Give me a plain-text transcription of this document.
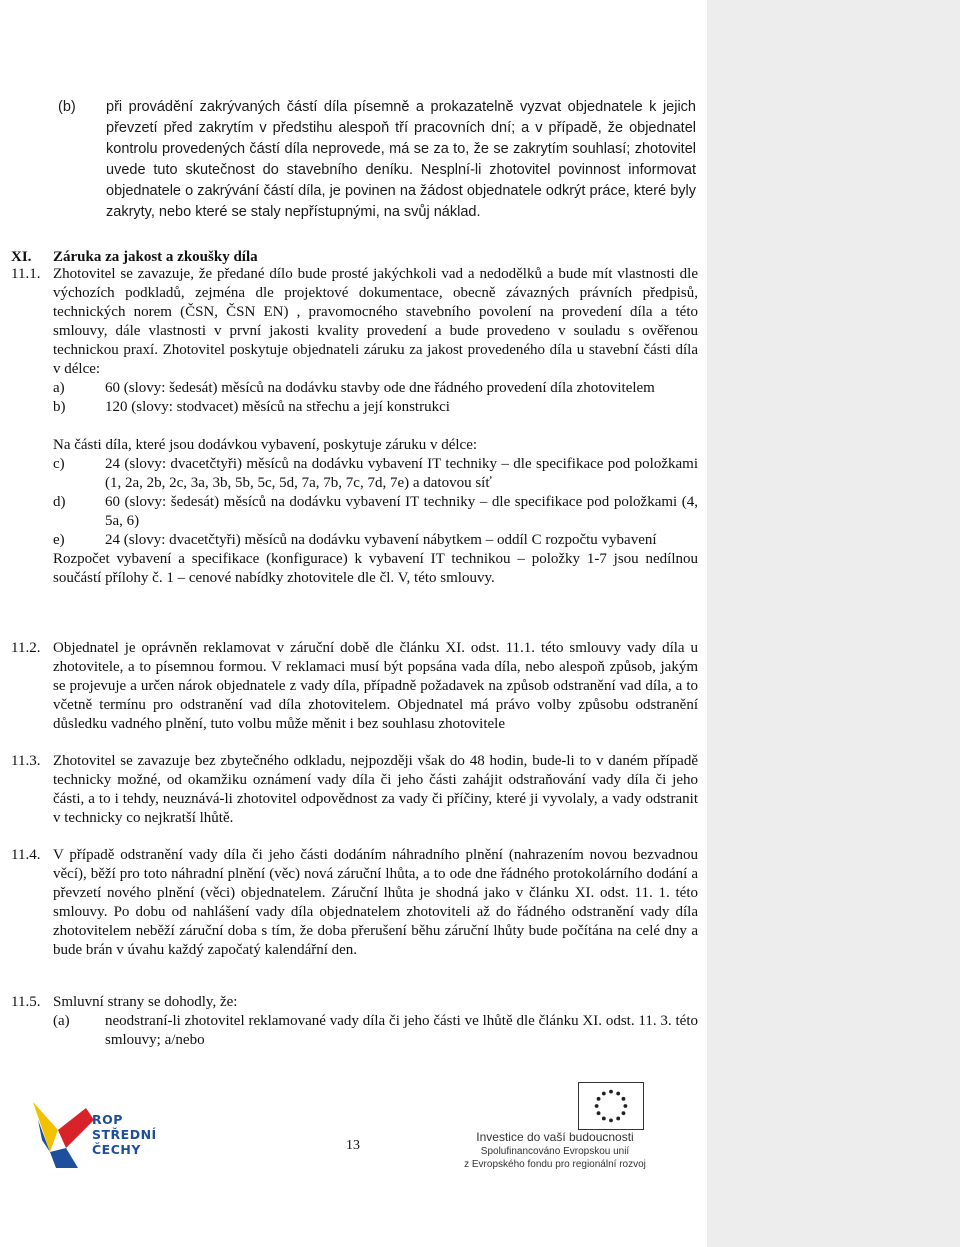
(b) při provádění zakrývaných částí díla písemně a prokazatelně vyzvat objednatele k jejich převzetí před zakrytím v předstihu alespoň tří pracovních dní; a v případě, že objednatel kontrolu provedených částí díla neprovede, má se za to, že se zakrytím souhlasí; zhotovitel uvede tuto skutečnost do stavebního deníku. Nesplní-li zhotovitel povinnost informovat objednatele o zakrývání částí díla, je povinen na žádost objednatele odkrýt práce, které byly zakryty, nebo které se staly nepřístupnými, na svůj náklad.
XI. Záruka za jakost a zkoušky díla
11.1. Zhotovitel se zavazuje, že předané dílo bude prosté jakýchkoli vad a nedodělků a bude mít vlastnosti dle výchozích podkladů, zejména dle projektové dokumentace, obecně závazných právních předpisů, technických norem (ČSN, ČSN EN) , pravomocného stavebního povolení na provedení díla a této smlouvy, dále vlastnosti v první jakosti kvality provedení a bude provedeno v souladu s ověřenou technickou praxí. Zhotovitel poskytuje objednateli záruku za jakost provedeného díla u stavební části díla v délce:
a)	60 (slovy: šedesát) měsíců na dodávku stavby ode dne řádného provedení díla zhotovitelem
b)	120 (slovy: stodvacet) měsíců na střechu a její konstrukci
Na části díla, které jsou dodávkou vybavení, poskytuje záruku v délce:
c)	24 (slovy: dvacetčtyři) měsíců na dodávku vybavení IT techniky – dle specifikace pod položkami (1, 2a, 2b, 2c, 3a, 3b, 5b, 5c, 5d, 7a, 7b, 7c, 7d, 7e) a datovou síť
d)	60 (slovy: šedesát) měsíců na dodávku vybavení IT techniky – dle specifikace pod položkami (4, 5a, 6)
e)	24 (slovy: dvacetčtyři) měsíců na dodávku vybavení nábytkem – oddíl C rozpočtu vybavení
Rozpočet vybavení a specifikace (konfigurace) k vybavení IT technikou – položky 1-7 jsou nedílnou součástí přílohy č. 1 – cenové nabídky zhotovitele dle čl. V, této smlouvy.
11.2. Objednatel je oprávněn reklamovat v záruční době dle článku XI. odst. 11.1. této smlouvy vady díla u zhotovitele, a to písemnou formou. V reklamaci musí být popsána vada díla, nebo alespoň způsob, jakým se projevuje a určen nárok objednatele z vady díla, případně požadavek na způsob odstranění vad díla, a to včetně termínu pro odstranění vad díla zhotovitelem. Objednatel má právo volby způsobu odstranění důsledku vadného plnění, tuto volbu může měnit i bez souhlasu zhotovitele
11.3. Zhotovitel se zavazuje bez zbytečného odkladu, nejpozději však do 48 hodin, bude-li to v daném případě technicky možné, od okamžiku oznámení vady díla či jeho části zahájit odstraňování vady díla či jeho části, a to i tehdy, neuznává-li zhotovitel odpovědnost za vady či příčiny, které ji vyvolaly, a vady odstranit v technicky co nejkratší lhůtě.
11.4. V případě odstranění vady díla či jeho části dodáním náhradního plnění (nahrazením novou bezvadnou věcí), běží pro toto náhradní plnění (věc) nová záruční lhůta, a to ode dne řádného protokolárního dodání a převzetí nového plnění (věci) objednatelem. Záruční lhůta je shodná jako v článku XI. odst. 11. 1. této smlouvy. Po dobu od nahlášení vady díla objednatelem zhotoviteli až do řádného odstranění vady díla zhotovitelem neběží záruční doba s tím, že doba přerušení běhu záruční lhůty bude počítána na celé dny a bude brán v úvahu každý započatý kalendářní den.
11.5. Smluvní strany se dohodly, že:
(a) neodstraní-li zhotovitel reklamované vady díla či jeho části ve lhůtě dle článku XI. odst. 11. 3. této smlouvy; a/nebo
ROP
STŘEDNÍ
ČECHY	13
Investice do vaší budoucnosti
Spolufinancováno Evropskou unií
z Evropského fondu pro regionální rozvoj
